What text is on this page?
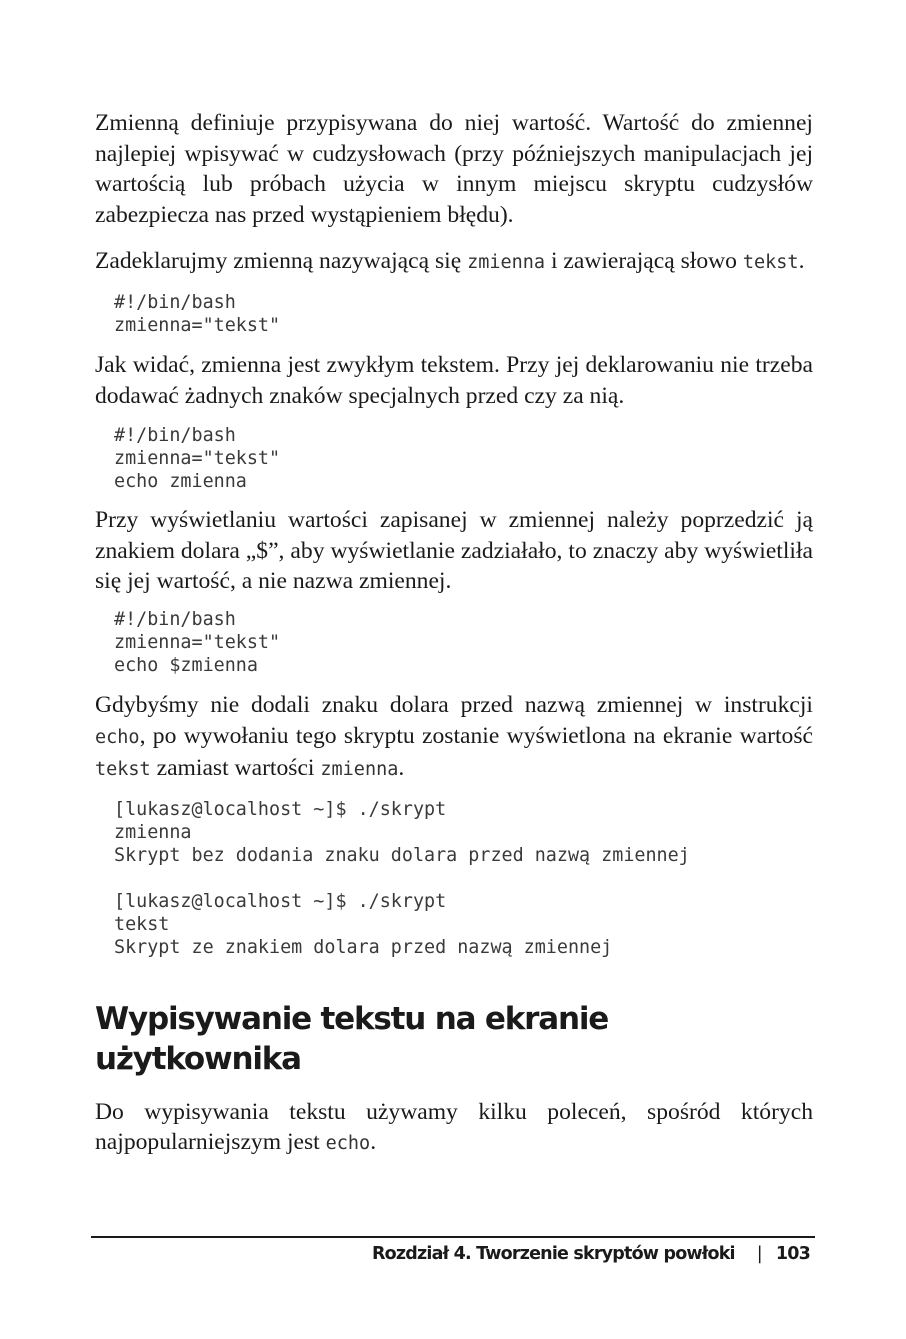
Zmienną definiuje przypisywana do niej wartość. Wartość do zmiennej najlepiej wpisywać w cudzysłowach (przy późniejszych manipulacjach jej wartością lub próbach użycia w innym miejscu skryptu cudzysłów zabezpiecza nas przed wystąpieniem błędu).

Zadeklarujmy zmienną nazywającą się zmienna i zawierającą słowo tekst.

#!/bin/bash
zmienna="tekst"

Jak widać, zmienna jest zwykłym tekstem. Przy jej deklarowaniu nie trzeba dodawać żadnych znaków specjalnych przed czy za nią.

#!/bin/bash
zmienna="tekst"
echo zmienna

Przy wyświetlaniu wartości zapisanej w zmiennej należy poprzedzić ją znakiem dolara „$”, aby wyświetlanie zadziałało, to znaczy aby wyświetliła się jej wartość, a nie nazwa zmiennej.

#!/bin/bash
zmienna="tekst"
echo $zmienna

Gdybyśmy nie dodali znaku dolara przed nazwą zmiennej w instrukcji echo, po wywołaniu tego skryptu zostanie wyświetlona na ekranie wartość tekst zamiast wartości zmienna.

[lukasz@localhost ~]$ ./skrypt
zmienna
Skrypt bez dodania znaku dolara przed nazwą zmiennej
[lukasz@localhost ~]$ ./skrypt
tekst
Skrypt ze znakiem dolara przed nazwą zmiennej
Wypisywanie tekstu na ekranie użytkownika

Do wypisywania tekstu używamy kilku poleceń, spośród których najpopularniejszym jest echo.

Rozdział 4. Tworzenie skryptów powłoki | 103
